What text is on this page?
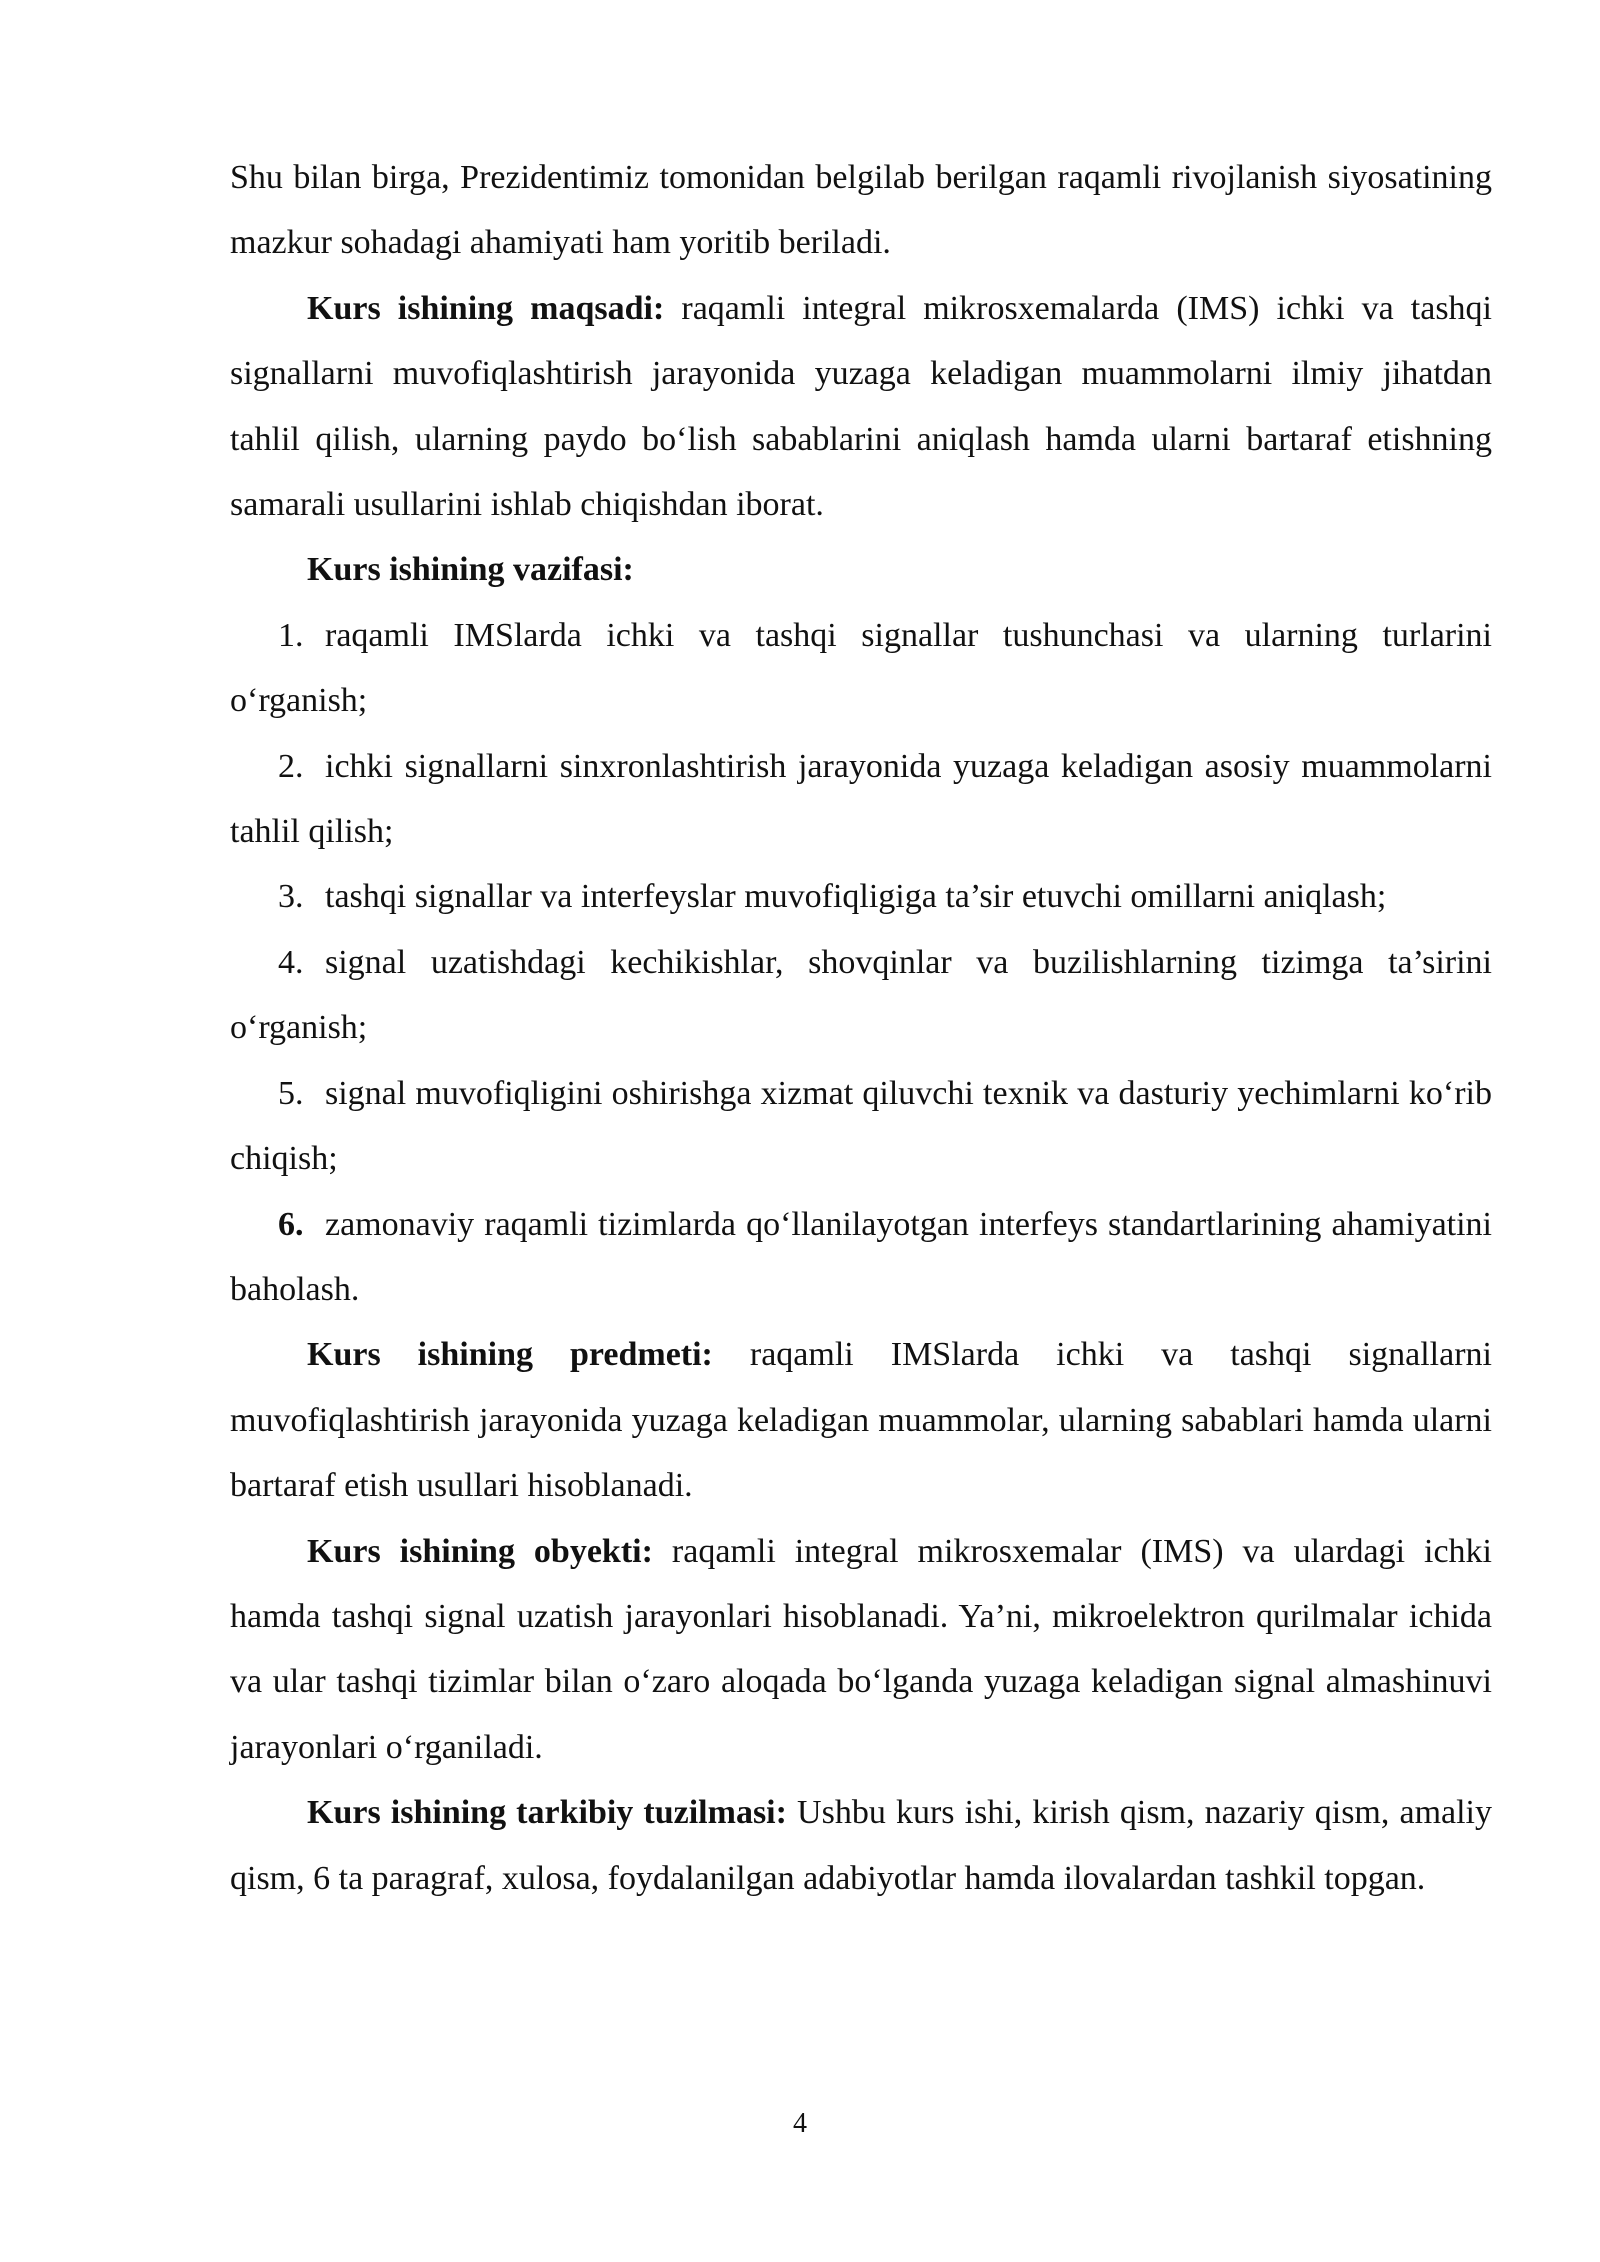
Shu bilan birga, Prezidentimiz tomonidan belgilab berilgan raqamli rivojlanish siyosatining mazkur sohadagi ahamiyati ham yoritib beriladi.

Kurs ishining maqsadi: raqamli integral mikrosxemalarda (IMS) ichki va tashqi signallarni muvofiqlashtirish jarayonida yuzaga keladigan muammolarni ilmiy jihatdan tahlil qilish, ularning paydo bo‘lish sabablarini aniqlash hamda ularni bartaraf etishning samarali usullarini ishlab chiqishdan iborat.

Kurs ishining vazifasi:

1. raqamli IMSlarda ichki va tashqi signallar tushunchasi va ularning turlarini o‘rganish;

2. ichki signallarni sinxronlashtirish jarayonida yuzaga keladigan asosiy muammolarni tahlil qilish;

3. tashqi signallar va interfeyslar muvofiqligiga ta’sir etuvchi omillarni aniqlash;

4. signal uzatishdagi kechikishlar, shovqinlar va buzilishlarning tizimga ta’sirini o‘rganish;

5. signal muvofiqligini oshirishga xizmat qiluvchi texnik va dasturiy yechimlarni ko‘rib chiqish;

6. zamonaviy raqamli tizimlarda qo‘llanilayotgan interfeys standartlarining ahamiyatini baholash.

Kurs ishining predmeti: raqamli IMSlarda ichki va tashqi signallarni muvofiqlashtirish jarayonida yuzaga keladigan muammolar, ularning sabablari hamda ularni bartaraf etish usullari hisoblanadi.

Kurs ishining obyekti: raqamli integral mikrosxemalar (IMS) va ulardagi ichki hamda tashqi signal uzatish jarayonlari hisoblanadi. Ya’ni, mikroelektron qurilmalar ichida va ular tashqi tizimlar bilan o‘zaro aloqada bo‘lganda yuzaga keladigan signal almashinuvi jarayonlari o‘rganiladi.

Kurs ishining tarkibiy tuzilmasi: Ushbu kurs ishi, kirish qism, nazariy qism, amaliy qism, 6 ta paragraf, xulosa, foydalanilgan adabiyotlar hamda ilovalardan tashkil topgan.

4
